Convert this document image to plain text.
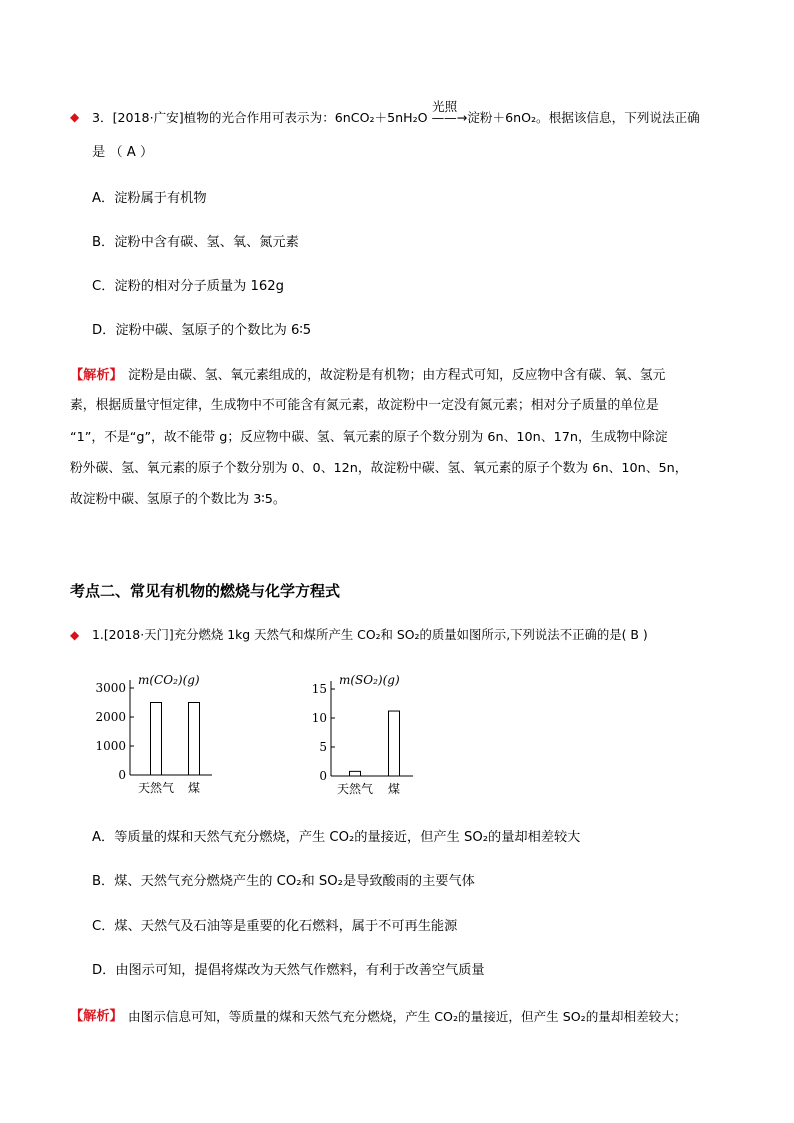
◆ 3．[2018·广安]植物的光合作用可表示为：6nCO₂＋5nH₂O ——→淀粉＋6nO₂。根据该信息，下列说法正确
光照
是 （ A ）
A．淀粉属于有机物
B．淀粉中含有碳、氢、氧、氮元素
C．淀粉的相对分子质量为 162g
D．淀粉中碳、氢原子的个数比为 6∶5
【解析】 淀粉是由碳、氢、氧元素组成的，故淀粉是有机物；由方程式可知，反应物中含有碳、氧、氢元
素，根据质量守恒定律，生成物中不可能含有氮元素，故淀粉中一定没有氮元素；相对分子质量的单位是
“1”，不是“g”，故不能带 g；反应物中碳、氢、氧元素的原子个数分别为 6n、10n、17n，生成物中除淀
粉外碳、氢、氧元素的原子个数分别为 0、0、12n，故淀粉中碳、氢、氧元素的原子个数为 6n、10n、5n，
故淀粉中碳、氢原子的个数比为 3∶5。
考点二、常见有机物的燃烧与化学方程式
◆ 1.[2018·天门]充分燃烧 1kg 天然气和煤所产生 CO₂和 SO₂的质量如图所示,下列说法不正确的是( B )
m(CO₂)(g)
3000
2000
1000
0
天然气 煤
m(SO₂)(g)
15
10
5
0
天然气 煤
A．等质量的煤和天然气充分燃烧，产生 CO₂的量接近，但产生 SO₂的量却相差较大
B．煤、天然气充分燃烧产生的 CO₂和 SO₂是导致酸雨的主要气体
C．煤、天然气及石油等是重要的化石燃料，属于不可再生能源
D．由图示可知，提倡将煤改为天然气作燃料，有利于改善空气质量
【解析】 由图示信息可知，等质量的煤和天然气充分燃烧，产生 CO₂的量接近，但产生 SO₂的量却相差较大；
